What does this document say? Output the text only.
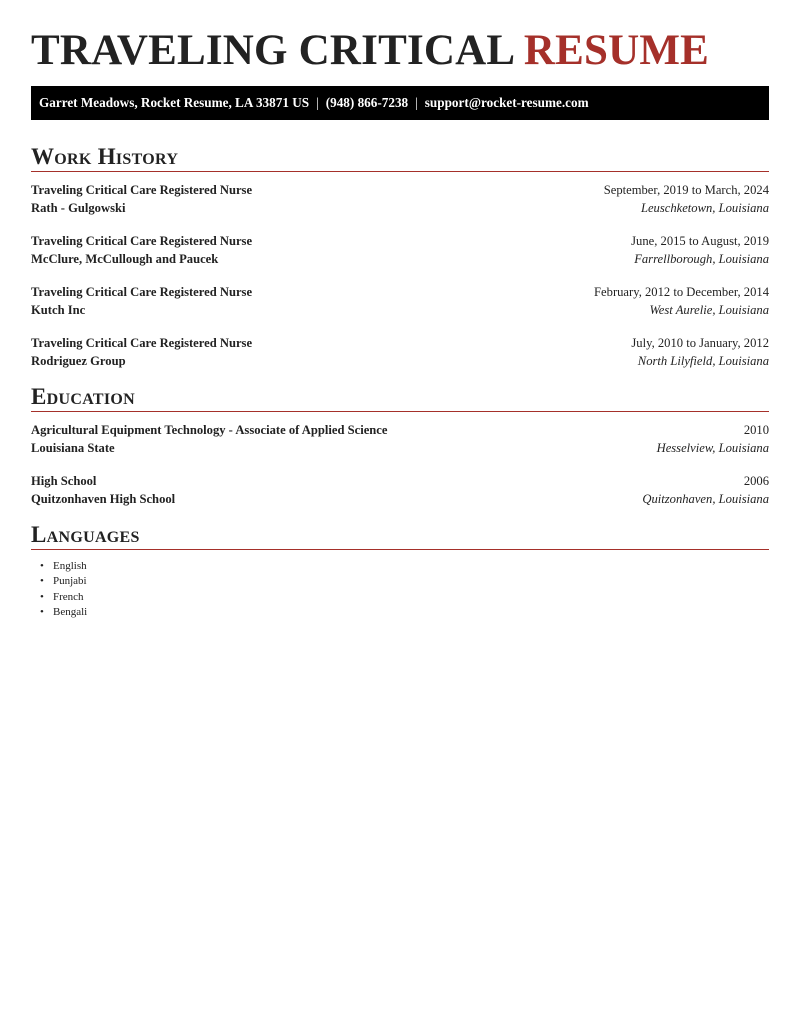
TRAVELING CRITICAL RESUME
Garret Meadows, Rocket Resume, LA 33871 US | (948) 866-7238 | support@rocket-resume.com
Work History
Traveling Critical Care Registered Nurse	September, 2019 to March, 2024
Rath - Gulgowski	Leuschketown, Louisiana
Traveling Critical Care Registered Nurse	June, 2015 to August, 2019
McClure, McCullough and Paucek	Farrellborough, Louisiana
Traveling Critical Care Registered Nurse	February, 2012 to December, 2014
Kutch Inc	West Aurelie, Louisiana
Traveling Critical Care Registered Nurse	July, 2010 to January, 2012
Rodriguez Group	North Lilyfield, Louisiana
Education
Agricultural Equipment Technology - Associate of Applied Science	2010
Louisiana State	Hesselview, Louisiana
High School	2006
Quitzonhaven High School	Quitzonhaven, Louisiana
Languages
• English
• Punjabi
• French
• Bengali
